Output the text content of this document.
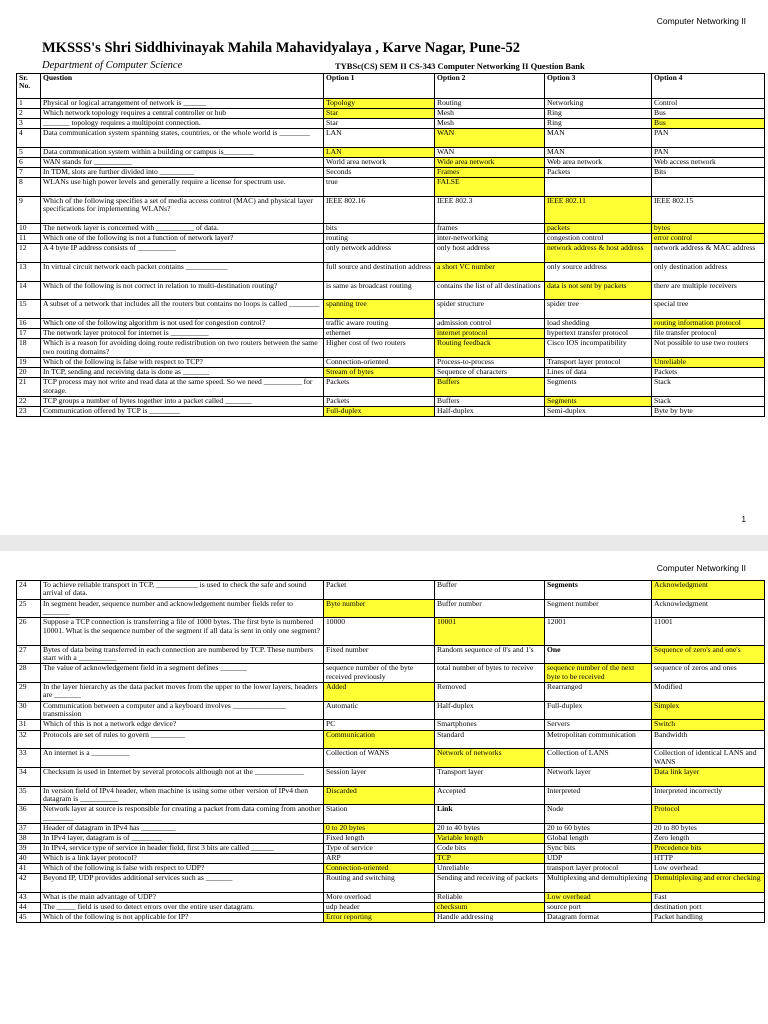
Computer Networking II
MKSSS's Shri Siddhivinayak Mahila Mahavidyalaya , Karve Nagar, Pune-52
Department of Computer Science	TYBSc(CS) SEM II CS-343 Computer Networking II Question Bank
Sr. No.	Question	Option 1	Option 2	Option 3	Option 4
1	Physical or logical arrangement of network is ______	Topology	Routing	Networking	Control
2	Which network topology requires a central controller or hub	Star	Mesh	Ring	Bus
3	_______ topology requires a multipoint connection.	Star	Mesh	Ring	Bus
4	Data communication system spanning states, countries, or the whole world is ________	LAN	WAN	MAN	PAN
5	Data communication system within a building or campus is________	LAN	WAN	MAN	PAN
6	WAN stands for __________	World area network	Wide area network	Web area network	Web access network
7	In TDM, slots are further divided into _________	Seconds	Frames	Packets	Bits
8	WLANs use high power levels and generally require a license for spectrum use.	true	FALSE		
9	Which of the following specifies a set of media access control (MAC) and physical layer specifications for implementing WLANs?	IEEE 802.16	IEEE 802.3	IEEE 802.11	IEEE 802.15
10	The network layer is concerned with __________ of data.	bits	frames	packets	bytes
11	Which one of the following is not a function of network layer?	routing	inter-networking	congestion control	error control
12	A 4 byte IP address consists of __________	only network address	only host address	network address & host address	network address & MAC address
13	In virtual circuit network each packet contains ___________	full source and destination address	a short VC number	only source address	only destination address
14	Which of the following is not correct in relation to multi-destination routing?	is same as broadcast routing	contains the list of all destinations	data is not sent by packets	there are multiple receivers
15	A subset of a network that includes all the routers but contains no loops is called ________	spanning tree	spider structure	spider tree	special tree
16	Which one of the following algorithm is not used for congestion control?	traffic aware routing	admission control	load shedding	routing information protocol
17	The network layer protocol for internet is __________	ethernet	internet protocol	hypertext transfer protocol	file transfer protocol
18	Which is a reason for avoiding doing route redistribution on two routers between the same two routing domains?	Higher cost of two routers	Routing feedback	Cisco IOS incompatibility	Not possible to use two routers
19	Which of the following is false with respect to TCP?	Connection-oriented	Process-to-process	Transport layer protocol	Unreliable
20	In TCP, sending and receiving data is done as _______	Stream of bytes	Sequence of characters	Lines of data	Packets
21	TCP process may not write and read data at the same speed. So we need __________ for storage.	Packets	Buffers	Segments	Stack
22	TCP groups a number of bytes together into a packet called _______	Packets	Buffers	Segments	Stack
23	Communication offered by TCP is ________	Full-duplex	Half-duplex	Semi-duplex	Byte by byte
1
Computer Networking II
24	To achieve reliable transport in TCP, ___________ is used to check the safe and sound arrival of data.	Packet	Buffer	Segments	Acknowledgment
25	In segment header, sequence number and acknowledgement number fields refer to _______	Byte number	Buffer number	Segment number	Acknowledgment
26	Suppose a TCP connection is transferring a file of 1000 bytes. The first byte is numbered 10001. What is the sequence number of the segment if all data is sent in only one segment?	10000	10001	12001	11001
27	Bytes of data being transferred in each connection are numbered by TCP. These numbers start with a __________	Fixed number	Random sequence of 0's and 1's	One	Sequence of zero's and one's
28	The value of acknowledgement field in a segment defines _______	sequence number of the byte received previously	total number of bytes to receive	sequence number of the next byte to be received	sequence of zeros and ones
29	In the layer hierarchy as the data packet moves from the upper to the lower layers, headers are _______	Added	Removed	Rearranged	Modified
30	Communication between a computer and a keyboard involves ______________ transmission	Automatic	Half-duplex	Full-duplex	Simplex
31	Which of this is not a network edge device?	PC	Smartphones	Servers	Switch
32	Protocols are set of rules to govern _________	Communication	Standard	Metropolitan communication	Bandwidth
33	An internet is a __________	Collection of WANS	Network of networks	Collection of LANS	Collection of identical LANS and WANS
34	Checksum is used in Internet by several protocols although not at the _____________	Session layer	Transport layer	Network layer	Data link layer
35	In version field of IPv4 header, when machine is using some other version of IPv4 then datagram is __________	Discarded	Accepted	Interpreted	Interpreted incorrectly
36	Network layer at source is responsible for creating a packet from data coming from another ________	Station	Link	Node	Protocol
37	Header of datagram in IPv4 has _________	0 to 20 bytes	20 to 40 bytes	20 to 60 bytes	20 to 80 bytes
38	In IPv4 layer, datagram is of ________	Fixed length	Variable length	Global length	Zero length
39	In IPv4, service type of service in header field, first 3 bits are called ______	Type of service	Code bits	Sync bits	Precedence bits
40	Which is a link layer protocol?	ARP	TCP	UDP	HTTP
41	Which of the following is false with respect to UDP?	Connection-oriented	Unreliable	transport layer protocol	Low overhead
42	Beyond IP, UDP provides additional services such as _______	Routing and switching	Sending and receiving of packets	Multiplexing and demultiplexing	Demultiplexing and error checking
43	What is the main advantage of UDP?	More overload	Reliable	Low overhead	Fast
44	The _____ field is used to detect errors over the entire user datagram.	udp header	checksum	source port	destination port
45	Which of the following is not applicable for IP?	Error reporting	Handle addressing	Datagram format	Packet handling
